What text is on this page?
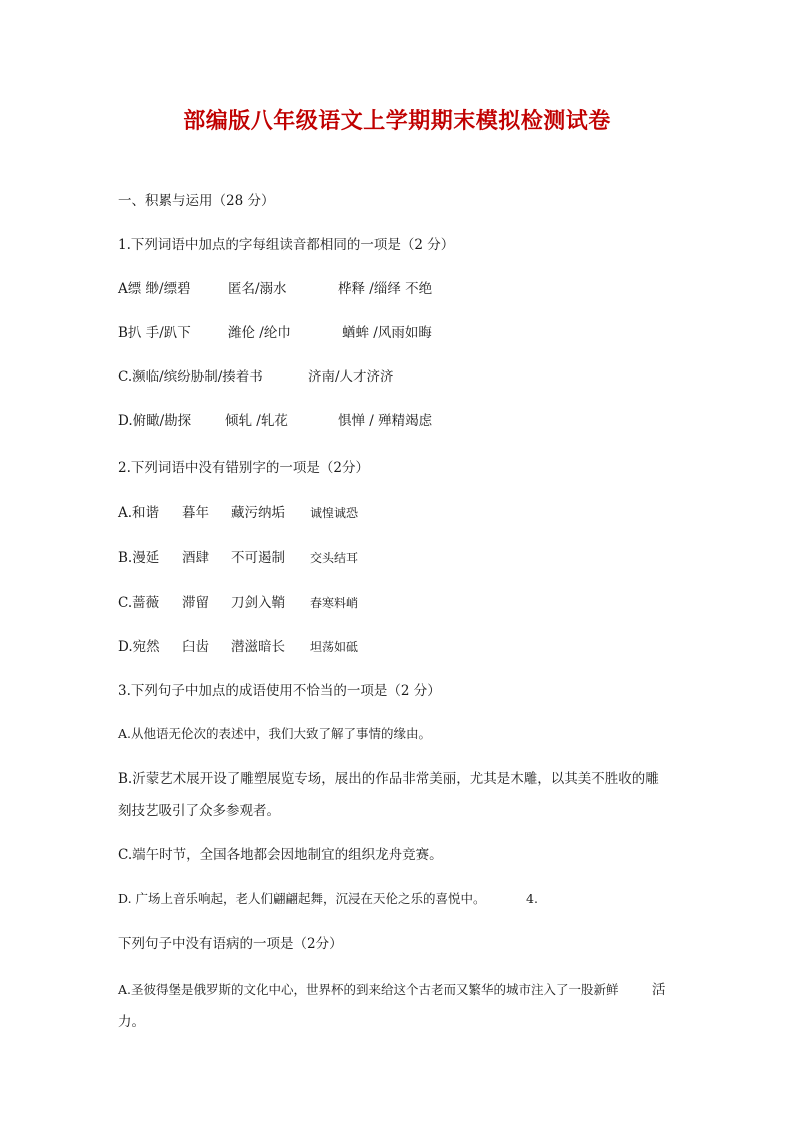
部编版八年级语文上学期期末模拟检测试卷
一、积累与运用（28 分）
1.下列词语中加点的字每组读音都相同的一项是（2 分）
A缥 缈/缥碧	匿名/溺水	桦释 /缁绎 不绝
B扒 手/趴下	潍伦 /纶巾	蝤蛑 /风雨如晦
C.濒临/缤纷胁制/揍着书	济南/人才济济
D.俯瞰/勘探	倾轧 /轧花	惧惮 / 殚精竭虑
2.下列词语中没有错别字的一项是（2分）
A.和谐 暮年 藏污纳垢 诚惶诚恐
B.漫延 酒肆 不可遏制 交头结耳
C.蔷薇 滞留 刀剑入鞘 春寒料峭
D.宛然 臼齿 潜滋暗长 坦荡如砥
3.下列句子中加点的成语使用不恰当的一项是（2 分）
A.从他语无伦次的表述中，我们大致了解了事情的缘由。
B.沂蒙艺术展开设了雕塑展览专场，展出的作品非常美丽，尤其是木雕，以其美不胜收的雕
刻技艺吸引了众多参观者。
C.端午时节，全国各地都会因地制宜的组织龙舟竞赛。
D. 广场上音乐响起，老人们翩翩起舞，沉浸在天伦之乐的喜悦中。	4.
下列句子中没有语病的一项是（2分）
A.圣彼得堡是俄罗斯的文化中心，世界杯的到来给这个古老而又繁华的城市注入了一股新鲜 活
力。
